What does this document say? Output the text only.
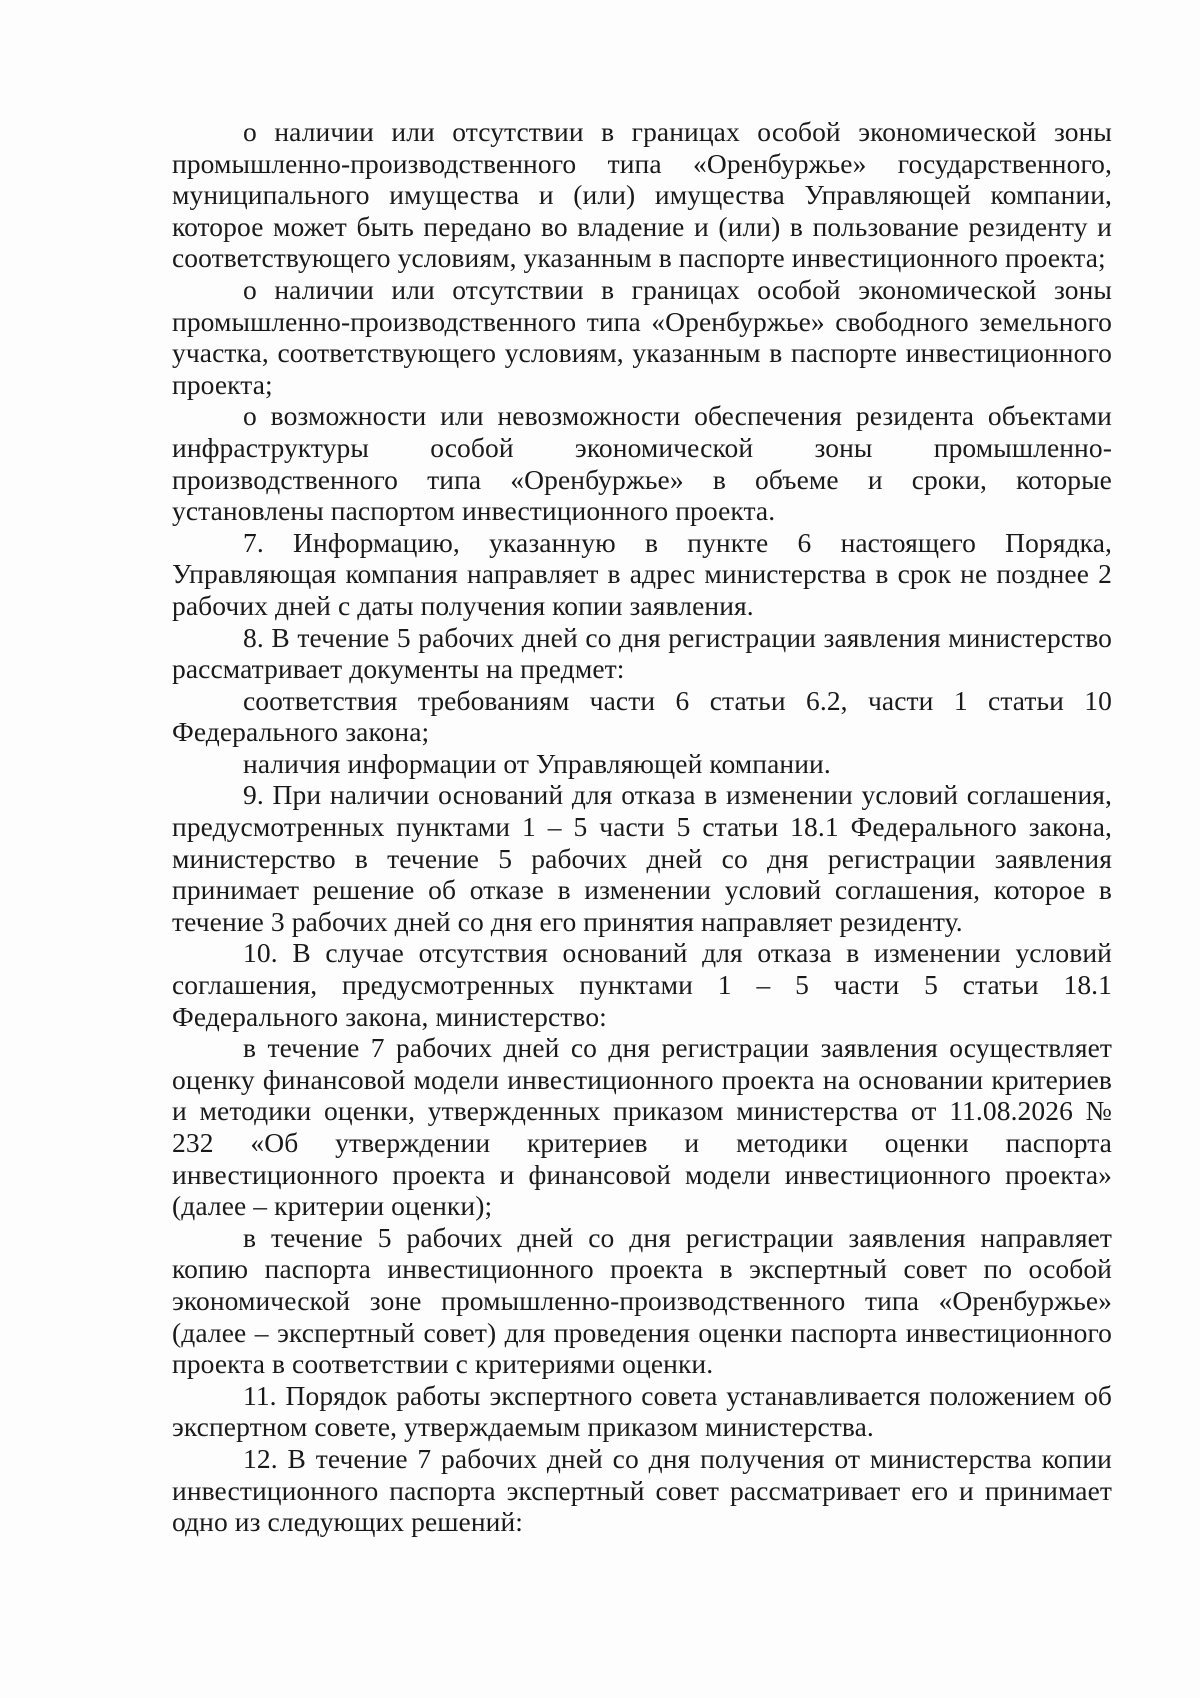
о наличии или отсутствии в границах особой экономической зоны промышленно-производственного типа «Оренбуржье» государственного, муниципального имущества и (или) имущества Управляющей компании, которое может быть передано во владение и (или) в пользование резиденту и соответствующего условиям, указанным в паспорте инвестиционного проекта;

о наличии или отсутствии в границах особой экономической зоны промышленно-производственного типа «Оренбуржье» свободного земельного участка, соответствующего условиям, указанным в паспорте инвестиционного проекта;

о возможности или невозможности обеспечения резидента объектами инфраструктуры особой экономической зоны промышленно-производственного типа «Оренбуржье» в объеме и сроки, которые установлены паспортом инвестиционного проекта.

7. Информацию, указанную в пункте 6 настоящего Порядка, Управляющая компания направляет в адрес министерства в срок не позднее 2 рабочих дней с даты получения копии заявления.

8. В течение 5 рабочих дней со дня регистрации заявления министерство рассматривает документы на предмет:

соответствия требованиям части 6 статьи 6.2, части 1 статьи 10 Федерального закона;

наличия информации от Управляющей компании.

9. При наличии оснований для отказа в изменении условий соглашения, предусмотренных пунктами 1 – 5 части 5 статьи 18.1 Федерального закона, министерство в течение 5 рабочих дней со дня регистрации заявления принимает решение об отказе в изменении условий соглашения, которое в течение 3 рабочих дней со дня его принятия направляет резиденту.

10. В случае отсутствия оснований для отказа в изменении условий соглашения, предусмотренных пунктами 1 – 5 части 5 статьи 18.1 Федерального закона, министерство:

в течение 7 рабочих дней со дня регистрации заявления осуществляет оценку финансовой модели инвестиционного проекта на основании критериев и методики оценки, утвержденных приказом министерства от 11.08.2026 № 232 «Об утверждении критериев и методики оценки паспорта инвестиционного проекта и финансовой модели инвестиционного проекта» (далее – критерии оценки);

в течение 5 рабочих дней со дня регистрации заявления направляет копию паспорта инвестиционного проекта в экспертный совет по особой экономической зоне промышленно-производственного типа «Оренбуржье» (далее – экспертный совет) для проведения оценки паспорта инвестиционного проекта в соответствии с критериями оценки.

11. Порядок работы экспертного совета устанавливается положением об экспертном совете, утверждаемым приказом министерства.

12. В течение 7 рабочих дней со дня получения от министерства копии инвестиционного паспорта экспертный совет рассматривает его и принимает одно из следующих решений:
